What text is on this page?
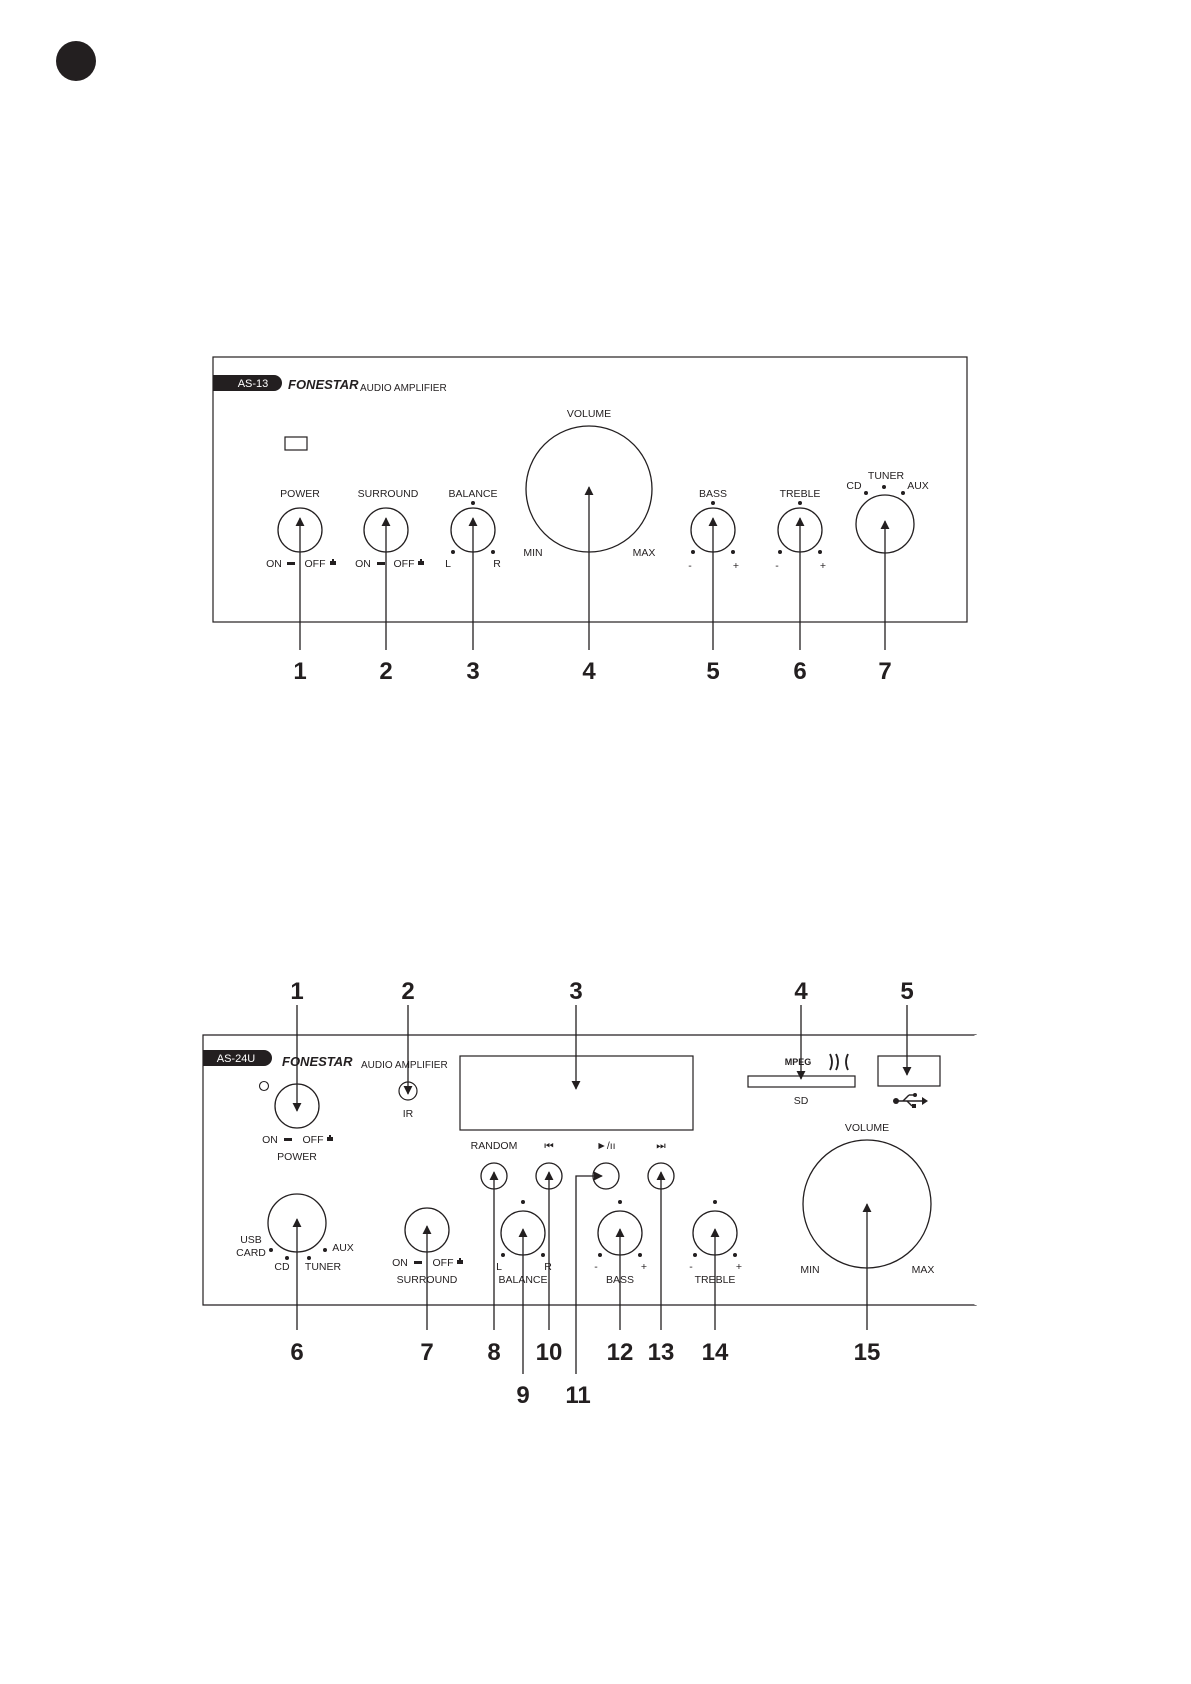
AS-13 FONESTAR AUDIO AMPLIFIER
POWER
ON OFF
SURROUND
ON OFF
BALANCE
L	R
VOLUME
MIN	MAX
BASS
-	+
TREBLE
-	+
TUNER
CD	AUX
1	2	3	4	5	6	7
AS-24U FONESTAR AUDIO AMPLIFIER
ON OFF
POWER
IR
MPEG
SD
RANDOM	⏮	►/ıı	⏭
USB
CARD
CD TUNER
AUX
ON OFF
SURROUND
L	R
BALANCE
-	+
BASS
-	+
TREBLE
VOLUME
MIN	MAX
1	2	3	4	5
6	7 8
9
10
11
12 13 14	15
